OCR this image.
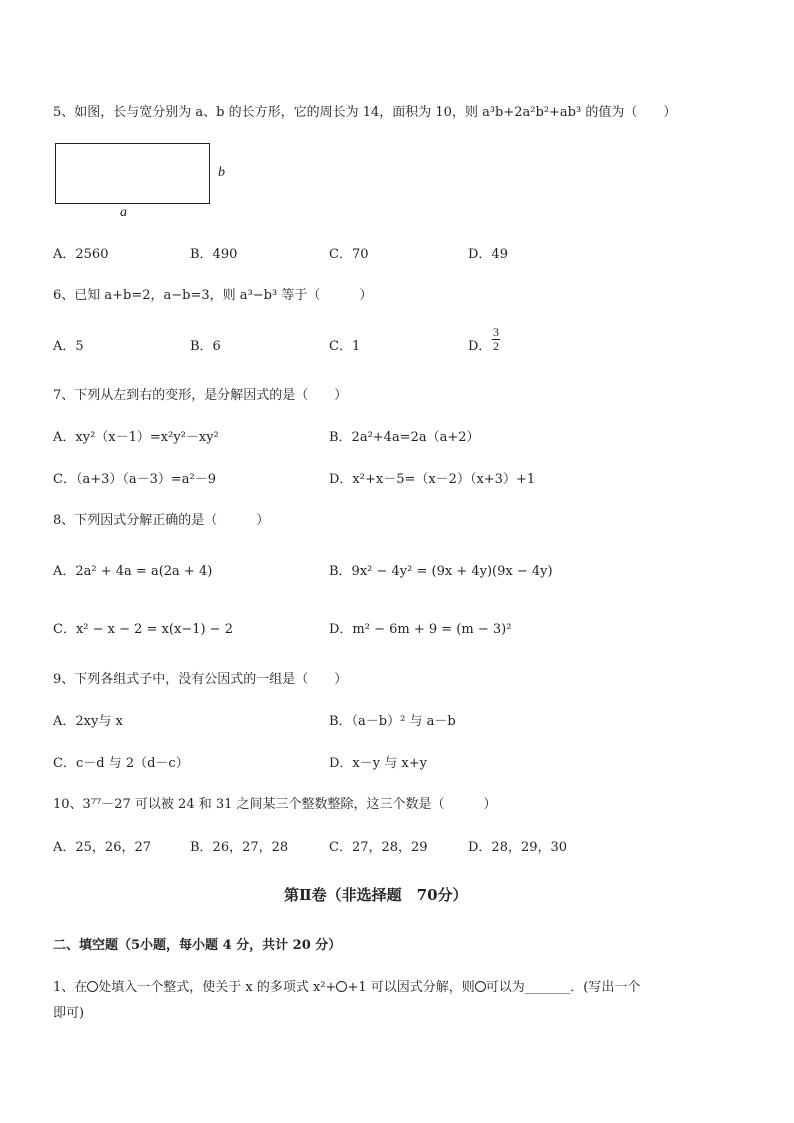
5、如图，长与宽分别为 a、b 的长方形，它的周长为 14，面积为 10，则 a³b+2a²b²+ab³ 的值为（　　）
b
a
A．2560	B．490	C．70	D．49
6、已知 a+b=2，a−b=3，则 a³−b³ 等于（　　　）
A．5	B．6	C．1	D． $\frac{3}{2}$
7、下列从左到右的变形，是分解因式的是（　　）
A．xy²（x－1）=x²y²－xy²	B．2a²+4a=2a（a+2）
C．（a+3）（a－3）=a²－9	D．x²+x－5=（x－2）（x+3）+1
8、下列因式分解正确的是（　　　）
A．2a² + 4a = a(2a + 4)	B．9x² − 4y² = (9x + 4y)(9x − 4y)
C．x² − x − 2 = x(x−1) − 2	D．m² − 6m + 9 = (m − 3)²
9、下列各组式子中，没有公因式的一组是（　　）
A．2xy与 x	B．（a－b）² 与 a－b
C．c－d 与 2（d－c）	D．x－y 与 x+y
10、3⁷⁷－27 可以被 24 和 31 之间某三个整数整除，这三个数是（　　　）
A．25，26，27	B．26，27，28	C．27，28，29	D．28，29，30
第Ⅱ卷（非选择题　70分）
二、填空题（5小题，每小题 4 分，共计 20 分）
1、在 处填入一个整式，使关于 x 的多项式 x²+ +1 可以因式分解，则 可以为_______．(写出一个
即可)
